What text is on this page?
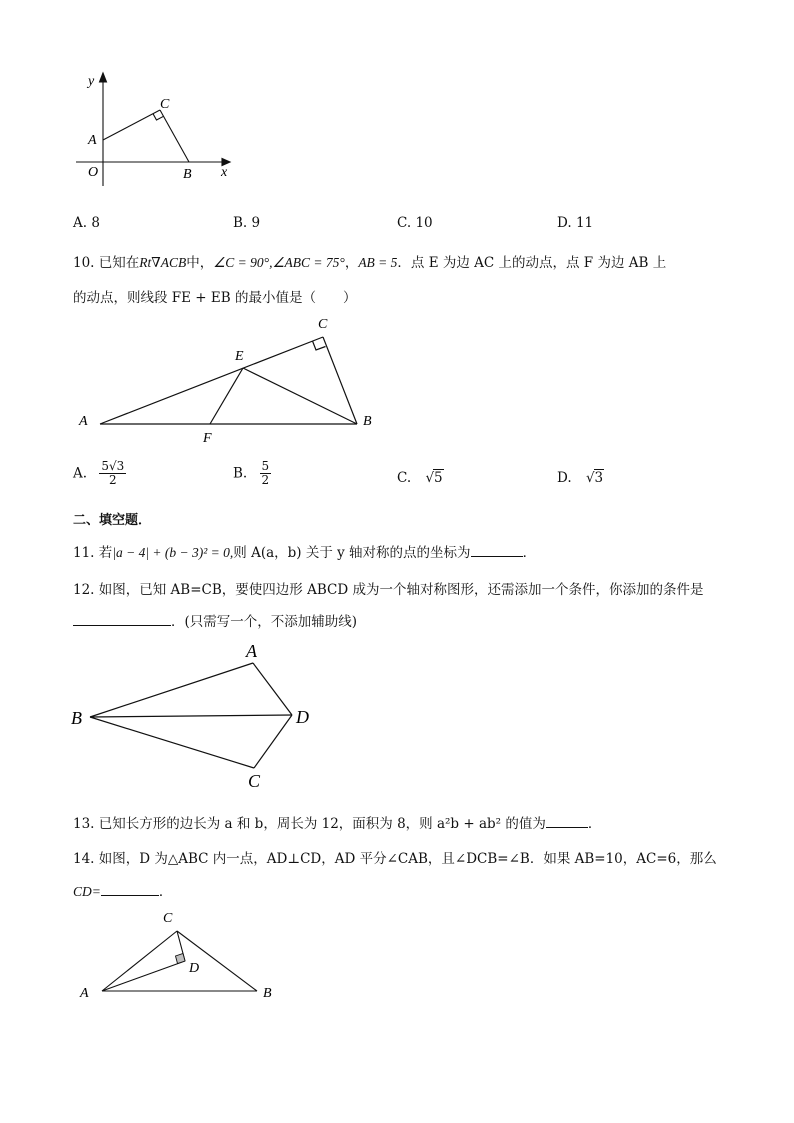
y
x
O
A
B
C
A. 8	B. 9	C. 10	D. 11
10. 已知在Rt∇ACB中，∠C = 90°,∠ABC = 75°，AB = 5．点 E 为边 AC 上的动点，点 F 为边 AB 上
的动点，则线段 FE + EB 的最小值是（　　）
A	B
C
E
F
A. $\frac{5√3}{2}$	B. $\frac{5}{2}$	C. √5	D. √3
二、填空题．
11. 若|a − 4| + (b − 3)² = 0,则 A(a，b) 关于 y 轴对称的点的坐标为	．
12. 如图，已知 AB=CB，要使四边形 ABCD 成为一个轴对称图形，还需添加一个条件，你添加的条件是
．(只需写一个，不添加辅助线)
A
B
C
D
13. 已知长方形的边长为 a 和 b，周长为 12，面积为 8，则 a²b + ab² 的值为	．
14. 如图，D 为△ABC 内一点，AD⊥CD，AD 平分∠CAB，且∠DCB=∠B．如果 AB=10，AC=6，那么
CD=	．
A	B
C
D
